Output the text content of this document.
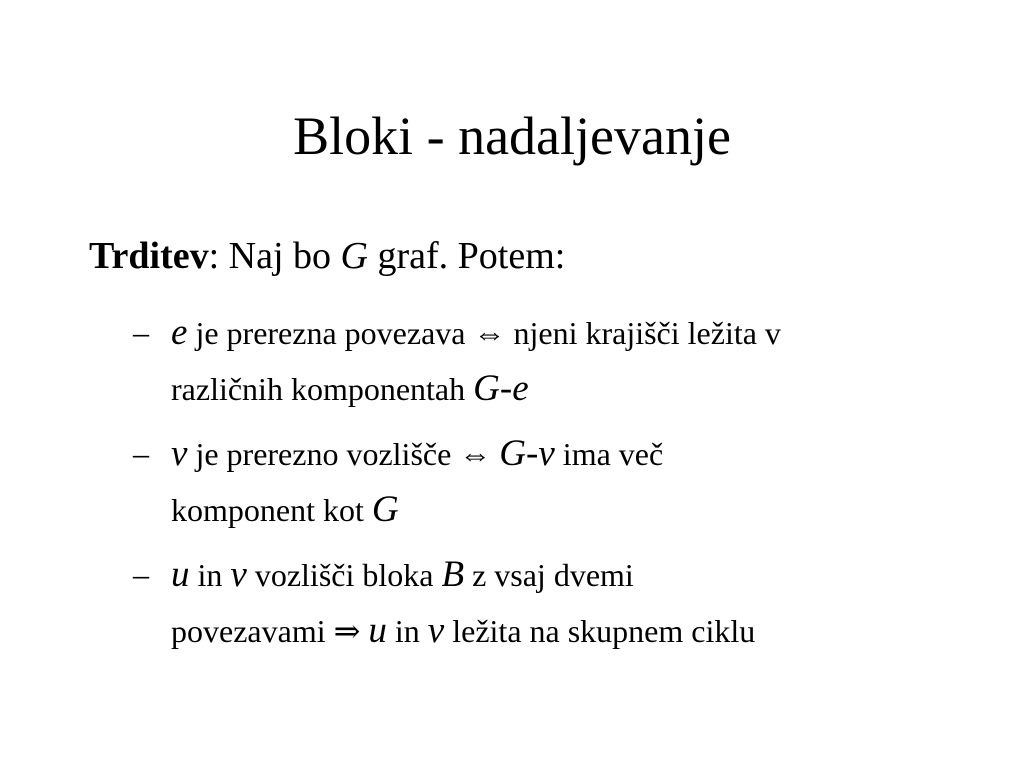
Bloki - nadaljevanje
Trditev: Naj bo G graf. Potem:
– e je prerezna povezava ⇔ njeni krajišči ležita v
različnih komponentah G-e
– v je prerezno vozlišče ⇔ G-v ima več
komponent kot G
– u in v vozlišči bloka B z vsaj dvemi
povezavami ⇒ u in v ležita na skupnem ciklu
